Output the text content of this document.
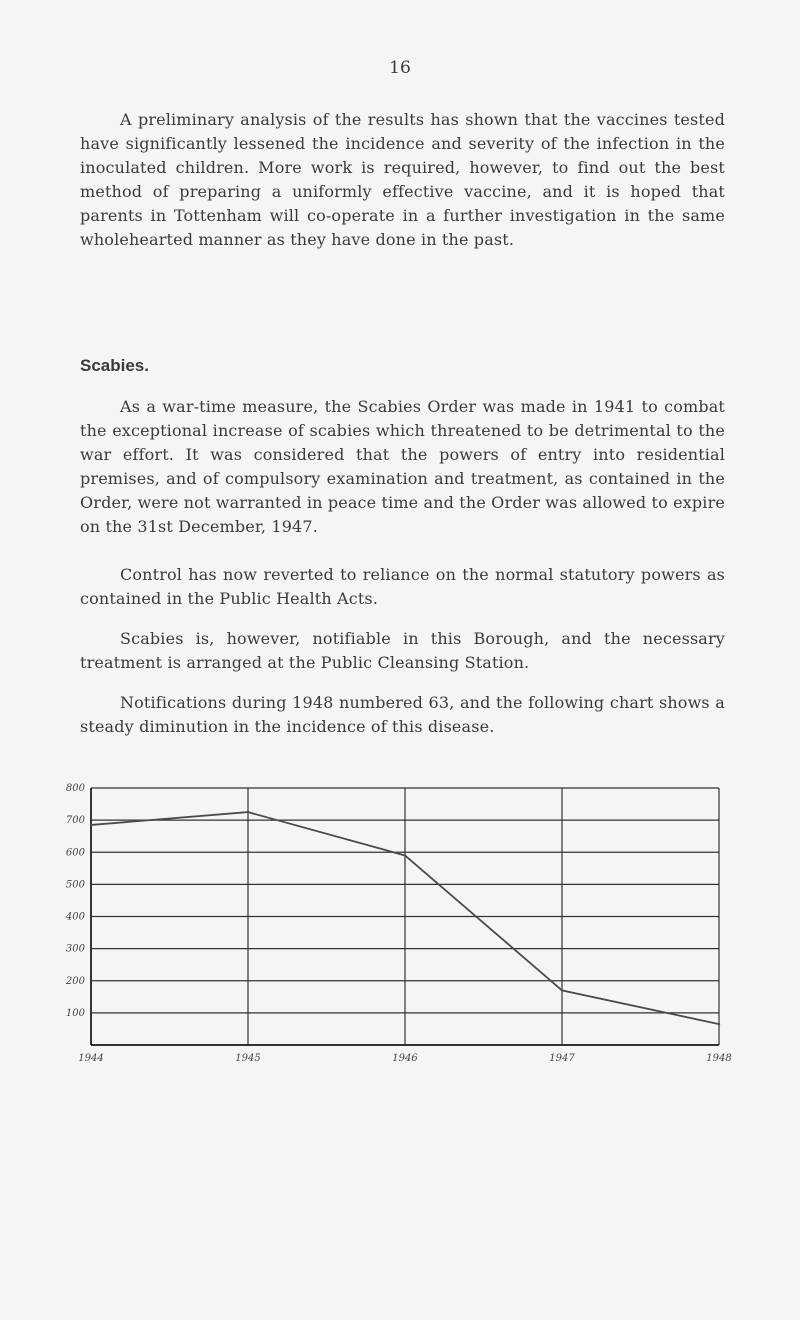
16

A preliminary analysis of the results has shown that the vaccines tested have significantly lessened the incidence and severity of the infection in the inoculated children. More work is required, however, to find out the best method of preparing a uniformly effective vaccine, and it is hoped that parents in Tottenham will co-operate in a further investigation in the same wholehearted manner as they have done in the past.

Scabies.

As a war-time measure, the Scabies Order was made in 1941 to combat the exceptional increase of scabies which threatened to be detrimental to the war effort. It was considered that the powers of entry into residential premises, and of compulsory examination and treatment, as contained in the Order, were not warranted in peace time and the Order was allowed to expire on the 31st December, 1947.

Control has now reverted to reliance on the normal statutory powers as contained in the Public Health Acts.

Scabies is, however, notifiable in this Borough, and the necessary treatment is arranged at the Public Cleansing Station.

Notifications during 1948 numbered 63, and the following chart shows a steady diminution in the incidence of this disease.

100
200
300
400
500
600
700
800
1944	1945	1946	1947	1948
